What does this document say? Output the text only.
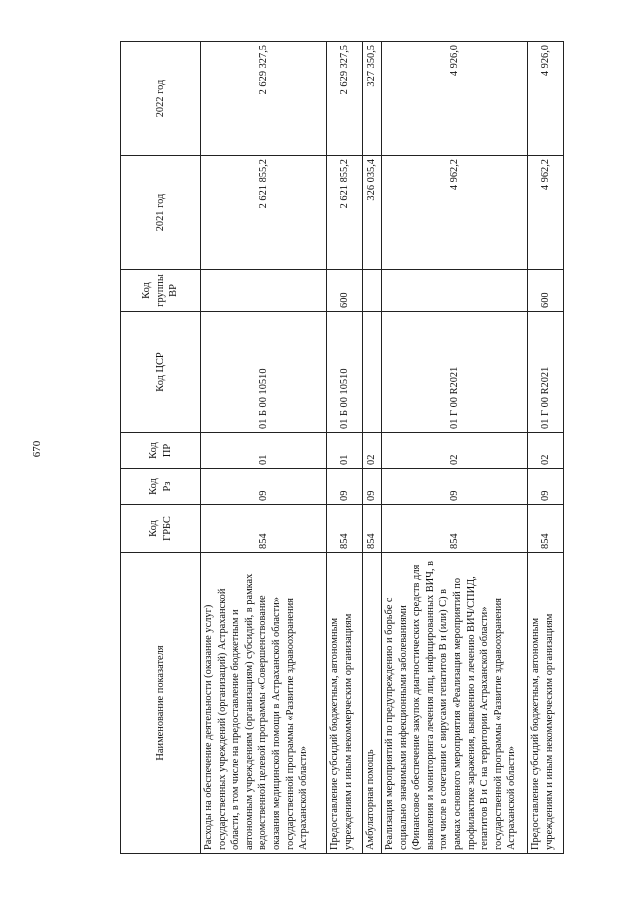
670
Наименование показателя	Код ГРБС	Код Рз	Код ПР	Код ЦСР	Код группы ВР	2021 год	2022 год
Расходы на обеспечение деятельности (оказание услуг) государственных учреждений (организаций) Астраханской области, в том числе на предоставление бюджетным и автономным учреждениям (организациям) субсидий, в рамках ведомственной целевой программы «Совершенствование оказания медицинской помощи в Астраханской области» государственной программы «Развитие здравоохранения Астраханской области»	854	09	01	01 Б 00 10510		2 621 855,2	2 629 327,5
Предоставление субсидий бюджетным, автономным учреждениям и иным некоммерческим организациям	854	09	01	01 Б 00 10510	600	2 621 855,2	2 629 327,5
Амбулаторная помощь	854	09	02			326 035,4	327 350,5
Реализация мероприятий по предупреждению и борьбе с социально значимыми инфекционными заболеваниями (Финансовое обеспечение закупок диагностических средств для выявления и мониторинга лечения лиц, инфицированных ВИЧ, в том числе в сочетании с вирусами гепатитов В и (или) С) в рамках основного мероприятия «Реализация мероприятий по профилактике заражения, выявлению и лечению ВИЧ/СПИД, гепатитов В и С на территории Астраханской области» государственной программы «Развитие здравоохранения Астраханской области»	854	09	02	01 Г 00 R2021		4 962,2	4 926,0
Предоставление субсидий бюджетным, автономным учреждениям и иным некоммерческим организациям	854	09	02	01 Г 00 R2021	600	4 962,2	4 926,0
